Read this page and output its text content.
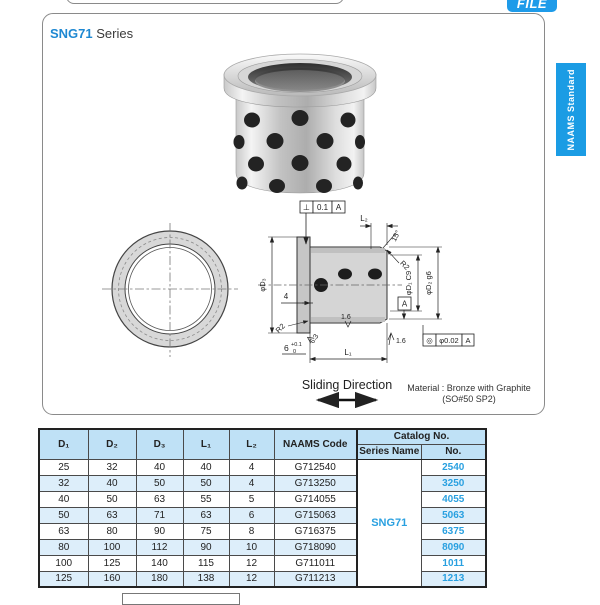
FILE
NAAMS Standard
SNG71 Series
⊥ 0.1 A
L₂
15°
R2
φD₁ C9 φD₂ g6
A
1.6	◎ φ0.02 A
φD₃
4
1.6
R2
6.3
6 +0.1
0	L₁
Sliding Direction	Material : Bronze with Graphite
(SO#50 SP2)
D₁	D₂	D₃	L₁	L₂	NAAMS Code	Catalog No.	
						Series Name	No.
25	32	40	40	4	G712540	SNG71	2540
32	40	50	50	4	G713250		3250
40	50	63	55	5	G714055		4055
50	63	71	63	6	G715063		5063
63	80	90	75	8	G716375		6375
80	100	112	90	10	G718090		8090
100	125	140	115	12	G711011		1011
125	160	180	138	12	G711213		1213
